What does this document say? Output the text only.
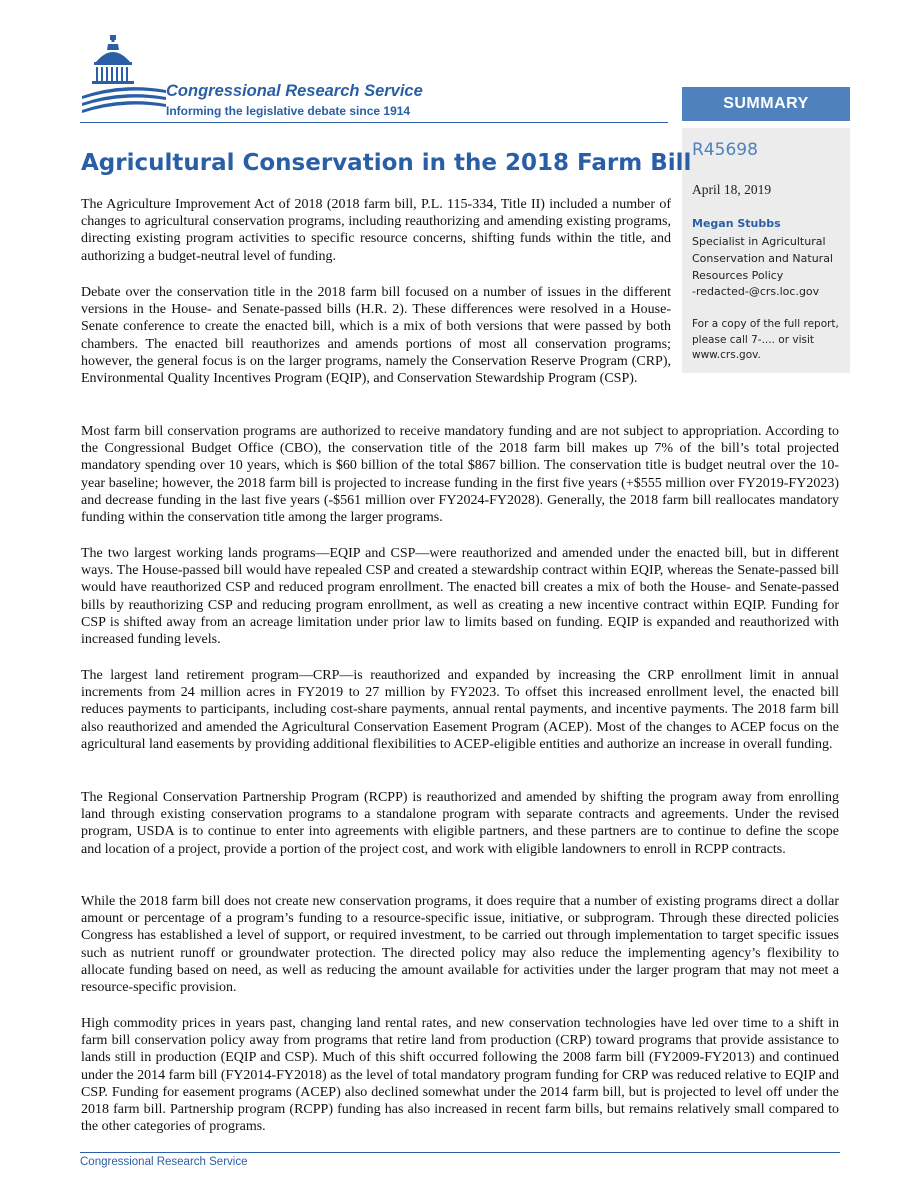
Congressional Research Service
Informing the legislative debate since 1914	SUMMARY
R45698
April 18, 2019
Megan Stubbs
Specialist in Agricultural
Conservation and Natural
Resources Policy
-redacted-@crs.loc.gov
For a copy of the full report,
please call 7-.... or visit
www.crs.gov.
Agricultural Conservation in the 2018 Farm Bill

The Agriculture Improvement Act of 2018 (2018 farm bill, P.L. 115-334, Title II) included a number of changes to agricultural conservation programs, including reauthorizing and amending existing programs, directing existing program activities to specific resource concerns, shifting funds within the title, and authorizing a budget-neutral level of funding.

Debate over the conservation title in the 2018 farm bill focused on a number of issues in the different versions in the House- and Senate-passed bills (H.R. 2). These differences were resolved in a House-Senate conference to create the enacted bill, which is a mix of both versions that were passed by both chambers. The enacted bill reauthorizes and amends portions of most all conservation programs; however, the general focus is on the larger programs, namely the Conservation Reserve Program (CRP), Environmental Quality Incentives Program (EQIP), and Conservation Stewardship Program (CSP).

Most farm bill conservation programs are authorized to receive mandatory funding and are not subject to appropriation. According to the Congressional Budget Office (CBO), the conservation title of the 2018 farm bill makes up 7% of the bill’s total projected mandatory spending over 10 years, which is $60 billion of the total $867 billion. The conservation title is budget neutral over the 10-year baseline; however, the 2018 farm bill is projected to increase funding in the first five years (+$555 million over FY2019-FY2023) and decrease funding in the last five years (-$561 million over FY2024-FY2028). Generally, the 2018 farm bill reallocates mandatory funding within the conservation title among the larger programs.

The two largest working lands programs—EQIP and CSP—were reauthorized and amended under the enacted bill, but in different ways. The House-passed bill would have repealed CSP and created a stewardship contract within EQIP, whereas the Senate-passed bill would have reauthorized CSP and reduced program enrollment. The enacted bill creates a mix of both the House- and Senate-passed bills by reauthorizing CSP and reducing program enrollment, as well as creating a new incentive contract within EQIP. Funding for CSP is shifted away from an acreage limitation under prior law to limits based on funding. EQIP is expanded and reauthorized with increased funding levels.

The largest land retirement program—CRP—is reauthorized and expanded by increasing the CRP enrollment limit in annual increments from 24 million acres in FY2019 to 27 million by FY2023. To offset this increased enrollment level, the enacted bill reduces payments to participants, including cost-share payments, annual rental payments, and incentive payments. The 2018 farm bill also reauthorized and amended the Agricultural Conservation Easement Program (ACEP). Most of the changes to ACEP focus on the agricultural land easements by providing additional flexibilities to ACEP-eligible entities and authorize an increase in overall funding.

The Regional Conservation Partnership Program (RCPP) is reauthorized and amended by shifting the program away from enrolling land through existing conservation programs to a standalone program with separate contracts and agreements. Under the revised program, USDA is to continue to enter into agreements with eligible partners, and these partners are to continue to define the scope and location of a project, provide a portion of the project cost, and work with eligible landowners to enroll in RCPP contracts.

While the 2018 farm bill does not create new conservation programs, it does require that a number of existing programs direct a dollar amount or percentage of a program’s funding to a resource-specific issue, initiative, or subprogram. Through these directed policies Congress has established a level of support, or required investment, to be carried out through implementation to target specific issues such as nutrient runoff or groundwater protection. The directed policy may also reduce the implementing agency’s flexibility to allocate funding based on need, as well as reducing the amount available for activities under the larger program that may not meet a resource-specific provision.

High commodity prices in years past, changing land rental rates, and new conservation technologies have led over time to a shift in farm bill conservation policy away from programs that retire land from production (CRP) toward programs that provide assistance to lands still in production (EQIP and CSP). Much of this shift occurred following the 2008 farm bill (FY2009-FY2013) and continued under the 2014 farm bill (FY2014-FY2018) as the level of total mandatory program funding for CRP was reduced relative to EQIP and CSP. Funding for easement programs (ACEP) also declined somewhat under the 2014 farm bill, but is projected to level off under the 2018 farm bill. Partnership program (RCPP) funding has also increased in recent farm bills, but remains relatively small compared to the other categories of programs.

Congressional Research Service
